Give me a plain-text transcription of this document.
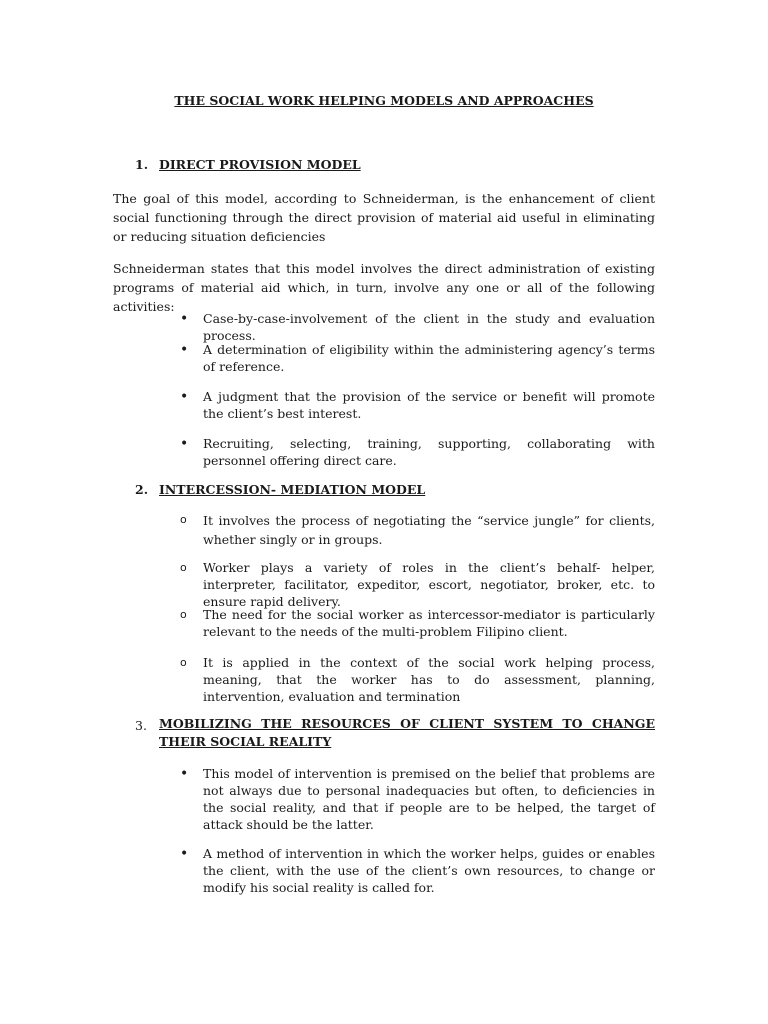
THE SOCIAL WORK HELPING MODELS AND APPROACHES
1. DIRECT PROVISION MODEL
The goal of this model, according to Schneiderman, is the enhancement of client social functioning through the direct provision of material aid useful in eliminating or reducing situation deficiencies
Schneiderman states that this model involves the direct administration of existing programs of material aid which, in turn, involve any one or all of the following activities:
•	Case-by-case-involvement of the client in the study and evaluation process.
•	A determination of eligibility within the administering agency’s terms of reference.
•	A judgment that the provision of the service or benefit will promote the client’s best interest.
•	Recruiting, selecting, training, supporting, collaborating with personnel offering direct care.
2. INTERCESSION- MEDIATION MODEL
o	It involves the process of negotiating the “service jungle” for clients, whether singly or in groups.
o	Worker plays a variety of roles in the client’s behalf- helper, interpreter, facilitator, expeditor, escort, negotiator, broker, etc. to ensure rapid delivery.
o	The need for the social worker as intercessor-mediator is particularly relevant to the needs of the multi-problem Filipino client.
o	It is applied in the context of the social work helping process, meaning, that the worker has to do assessment, planning, intervention, evaluation and termination
3. MOBILIZING THE RESOURCES OF CLIENT SYSTEM TO CHANGE THEIR SOCIAL REALITY
•	This model of intervention is premised on the belief that problems are not always due to personal inadequacies but often, to deficiencies in the social reality, and that if people are to be helped, the target of attack should be the latter.
•	A method of intervention in which the worker helps, guides or enables the client, with the use of the client’s own resources, to change or modify his social reality is called for.
